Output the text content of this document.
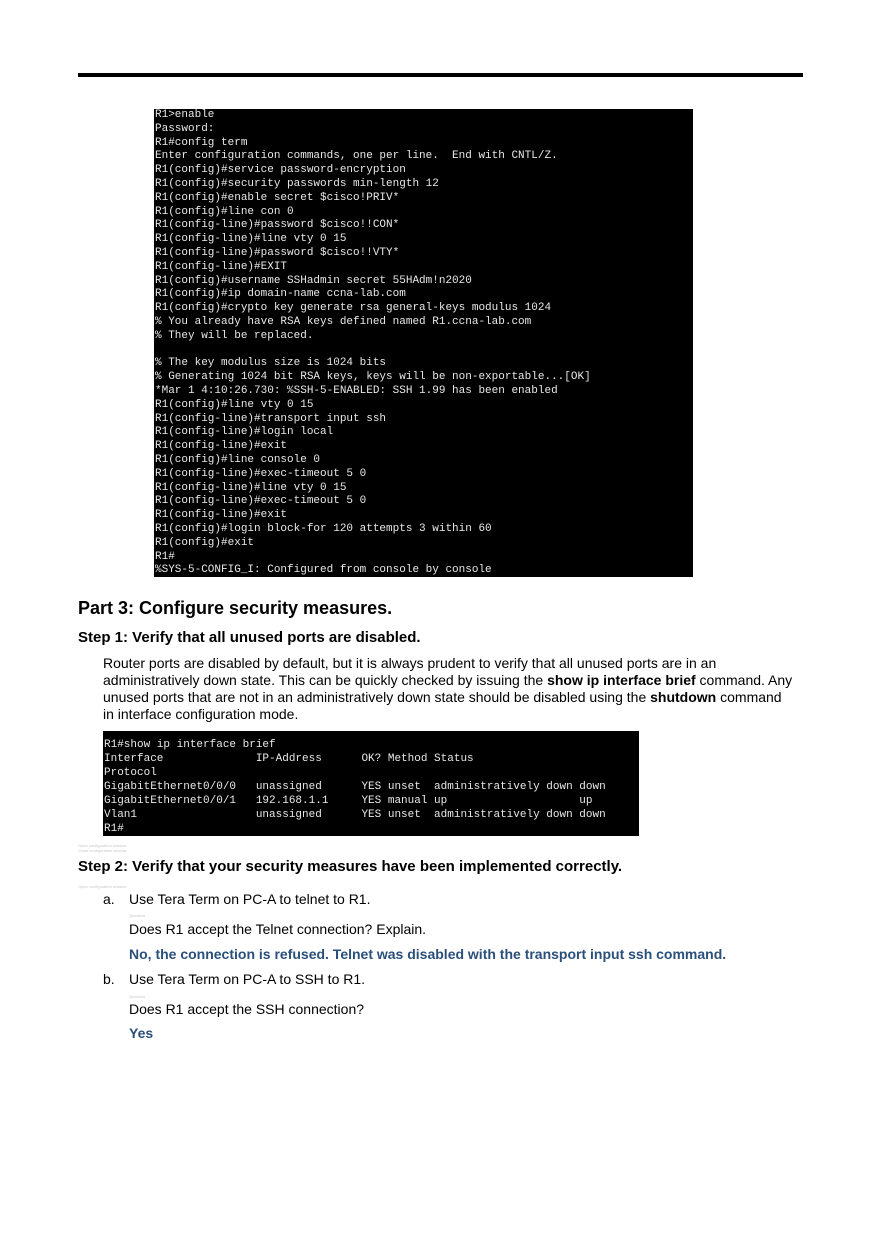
R1>enable
Password:
R1#config term
Enter configuration commands, one per line.  End with CNTL/Z.
R1(config)#service password-encryption
R1(config)#security passwords min-length 12
R1(config)#enable secret $cisco!PRIV*
R1(config)#line con 0
R1(config-line)#password $cisco!!CON*
R1(config-line)#line vty 0 15
R1(config-line)#password $cisco!!VTY*
R1(config-line)#EXIT
R1(config)#username SSHadmin secret 55HAdm!n2020
R1(config)#ip domain-name ccna-lab.com
R1(config)#crypto key generate rsa general-keys modulus 1024
% You already have RSA keys defined named R1.ccna-lab.com
% They will be replaced.
% The key modulus size is 1024 bits
% Generating 1024 bit RSA keys, keys will be non-exportable...[OK]
*Mar 1 4:10:26.730: %SSH-5-ENABLED: SSH 1.99 has been enabled
R1(config)#line vty 0 15
R1(config-line)#transport input ssh
R1(config-line)#login local
R1(config-line)#exit
R1(config)#line console 0
R1(config-line)#exec-timeout 5 0
R1(config-line)#line vty 0 15
R1(config-line)#exec-timeout 5 0
R1(config-line)#exit
R1(config)#login block-for 120 attempts 3 within 60
R1(config)#exit
R1#
%SYS-5-CONFIG_I: Configured from console by console
Part 3: Configure security measures.
Step 1: Verify that all unused ports are disabled.

Router ports are disabled by default, but it is always prudent to verify that all unused ports are in an administratively down state. This can be quickly checked by issuing the show ip interface brief command. Any unused ports that are not in an administratively down state should be disabled using the shutdown command in interface configuration mode.

R1#show ip interface brief
Interface              IP-Address      OK? Method Status
Protocol
GigabitEthernet0/0/0   unassigned      YES unset  administratively down down
GigabitEthernet0/0/1   192.168.1.1     YES manual up                    up
Vlan1                  unassigned      YES unset  administratively down down
R1#
Open configuration window
Close configuration window
Step 2: Verify that your security measures have been implemented correctly.
Open configuration window
a. Use Tera Term on PC-A to telnet to R1.
Question
Does R1 accept the Telnet connection? Explain.
No, the connection is refused. Telnet was disabled with the transport input ssh command.
b. Use Tera Term on PC-A to SSH to R1.
Question
Does R1 accept the SSH connection?
Yes
